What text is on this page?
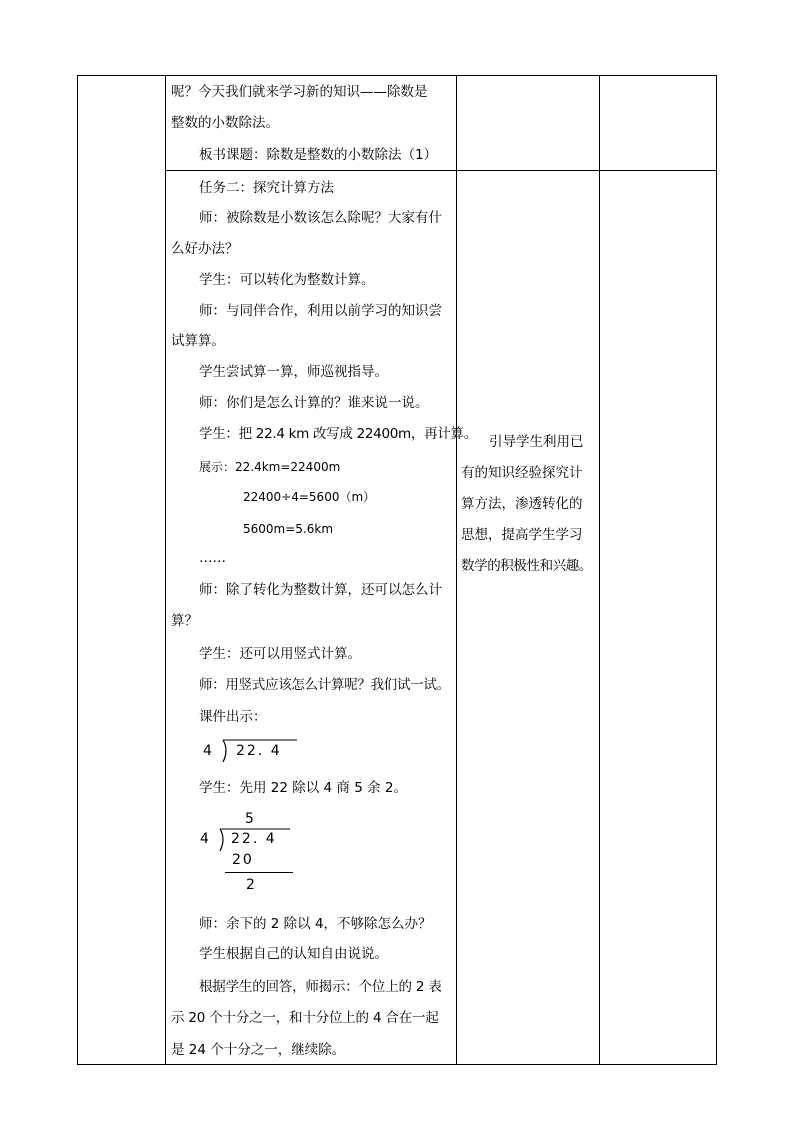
呢？今天我们就来学习新的知识——除数是
整数的小数除法。
板书课题：除数是整数的小数除法（1）
任务二：探究计算方法
师：被除数是小数该怎么除呢？大家有什
么好办法？
学生：可以转化为整数计算。
师：与同伴合作，利用以前学习的知识尝
试算算。
学生尝试算一算，师巡视指导。
师：你们是怎么计算的？谁来说一说。
学生：把 22.4 km 改写成 22400m，再计算。
展示：22.4km=22400m
22400÷4=5600（m）
5600m=5.6km
……
师：除了转化为整数计算，还可以怎么计
算？
学生：还可以用竖式计算。
师：用竖式应该怎么计算呢？我们试一试。
课件出示：
4 22. 4
学生：先用 22 除以 4 商 5 余 2。
5
4 22. 4
20
2
师：余下的 2 除以 4，不够除怎么办？
学生根据自己的认知自由说说。
根据学生的回答，师揭示：个位上的 2 表
示 20 个十分之一，和十分位上的 4 合在一起
是 24 个十分之一，继续除。
引导学生利用已
有的知识经验探究计
算方法，渗透转化的
思想，提高学生学习
数学的积极性和兴趣。
